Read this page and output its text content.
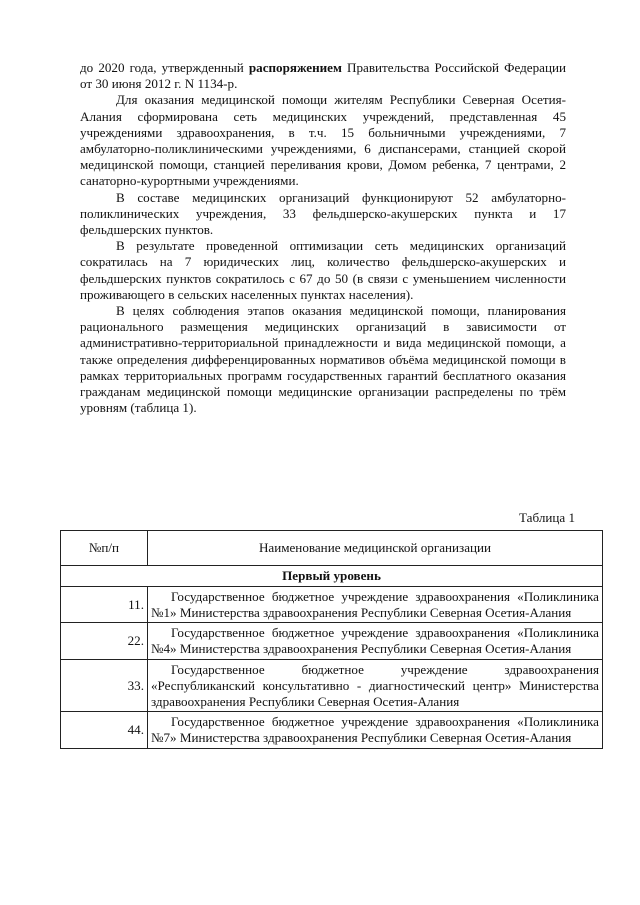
до 2020 года, утвержденный распоряжением Правительства Российской Федерации от 30 июня 2012 г. N 1134-р.

Для оказания медицинской помощи жителям Республики Северная Осетия-Алания сформирована сеть медицинских учреждений, представленная 45 учреждениями здравоохранения, в т.ч. 15 больничными учреждениями, 7 амбулаторно-поликлиническими учреждениями, 6 диспансерами, станцией скорой медицинской помощи, станцией переливания крови, Домом ребенка, 7 центрами, 2 санаторно-курортными учреждениями.

В составе медицинских организаций функционируют 52 амбулаторно-поликлинических учреждения, 33 фельдшерско-акушерских пункта и 17 фельдшерских пунктов.

В результате проведенной оптимизации сеть медицинских организаций сократилась на 7 юридических лиц, количество фельдшерско-акушерских и фельдшерских пунктов сократилось с 67 до 50 (в связи с уменьшением численности проживающего в сельских населенных пунктах населения).

В целях соблюдения этапов оказания медицинской помощи, планирования рационального размещения медицинских организаций в зависимости от административно-территориальной принадлежности и вида медицинской помощи, а также определения дифференцированных нормативов объёма медицинской помощи в рамках территориальных программ государственных гарантий бесплатного оказания гражданам медицинской помощи медицинские организации распределены по трём уровням (таблица 1).

Таблица 1
№п/п	Наименование медицинской организации
Первый уровень	
11.	Государственное бюджетное учреждение здравоохранения «Поликлиника №1» Министерства здравоохранения Республики Северная Осетия-Алания
22.	Государственное бюджетное учреждение здравоохранения «Поликлиника №4» Министерства здравоохранения Республики Северная Осетия-Алания
33.	Государственное бюджетное учреждение здравоохранения «Республиканский консультативно - диагностический центр» Министерства здравоохранения Республики Северная Осетия-Алания
44.	Государственное бюджетное учреждение здравоохранения «Поликлиника №7» Министерства здравоохранения Республики Северная Осетия-Алания
